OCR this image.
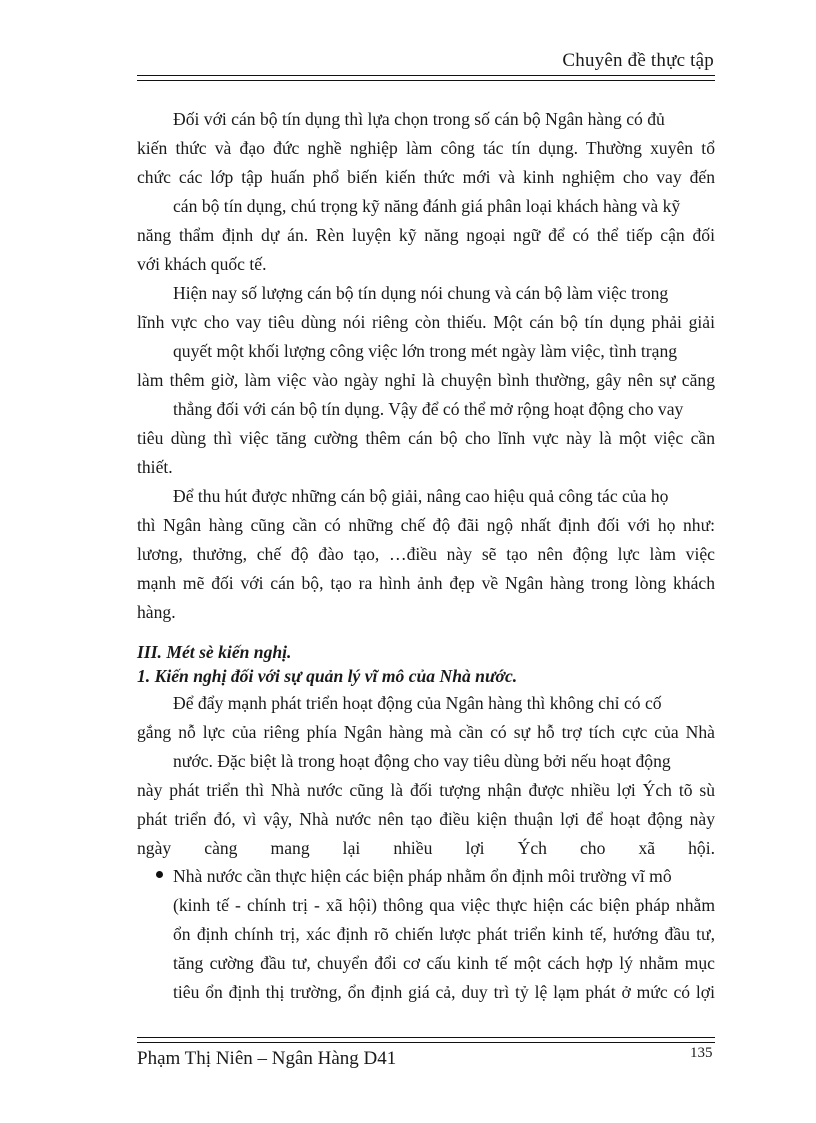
Chuyên đề thực tập
Đối với cán bộ tín dụng thì lựa chọn trong số cán bộ Ngân hàng có đủ
kiến thức và đạo đức nghề nghiệp làm công tác tín dụng. Thường xuyên tổ
chức các lớp tập huấn phổ biến kiến thức mới và kinh nghiệm cho vay đến
cán bộ tín dụng, chú trọng kỹ năng đánh giá phân loại khách hàng và kỹ
năng thẩm định dự án. Rèn luyện kỹ năng ngoại ngữ để có thể tiếp cận đối
với khách quốc tế.
Hiện nay số lượng cán bộ tín dụng nói chung và cán bộ làm việc trong
lĩnh vực cho vay tiêu dùng nói riêng còn thiếu. Một cán bộ tín dụng phải giải
quyết một khối lượng công việc lớn trong mét ngày làm việc, tình trạng
làm thêm giờ, làm việc vào ngày nghỉ là chuyện bình thường, gây nên sự căng
thẳng đối với cán bộ tín dụng. Vậy để có thể mở rộng hoạt động cho vay
tiêu dùng thì việc tăng cường thêm cán bộ cho lĩnh vực này là một việc cần
thiết.
Để thu hút được những cán bộ giải, nâng cao hiệu quả công tác của họ
thì Ngân hàng cũng cần có những chế độ đãi ngộ nhất định đối với họ như:
lương, thưởng, chế độ đào tạo, …điều này sẽ tạo nên động lực làm việc
mạnh mẽ đối với cán bộ, tạo ra hình ảnh đẹp về Ngân hàng trong lòng khách
hàng.
III. Mét sè kiến nghị.
1. Kiến nghị đối với sự quản lý vĩ mô của Nhà nước.
Để đẩy mạnh phát triển hoạt động của Ngân hàng thì không chỉ có cố
gắng nỗ lực của riêng phía Ngân hàng mà cần có sự hỗ trợ tích cực của Nhà
nước. Đặc biệt là trong hoạt động cho vay tiêu dùng bởi nếu hoạt động
này phát triển thì Nhà nước cũng là đối tượng nhận được nhiều lợi Ých tõ sù
phát triển đó, vì vậy, Nhà nước nên tạo điều kiện thuận lợi để hoạt động này
ngày càng mang lại nhiều lợi Ých cho xã hội.
Nhà nước cần thực hiện các biện pháp nhằm ổn định môi trường vĩ mô
(kinh tế - chính trị - xã hội) thông qua việc thực hiện các biện pháp nhằm
ổn định chính trị, xác định rõ chiến lược phát triển kinh tế, hướng đầu tư,
tăng cường đầu tư, chuyển đổi cơ cấu kinh tế một cách hợp lý nhằm mục
tiêu ổn định thị trường, ổn định giá cả, duy trì tỷ lệ lạm phát ở mức có lợi
Phạm Thị Niên – Ngân Hàng D41	135
